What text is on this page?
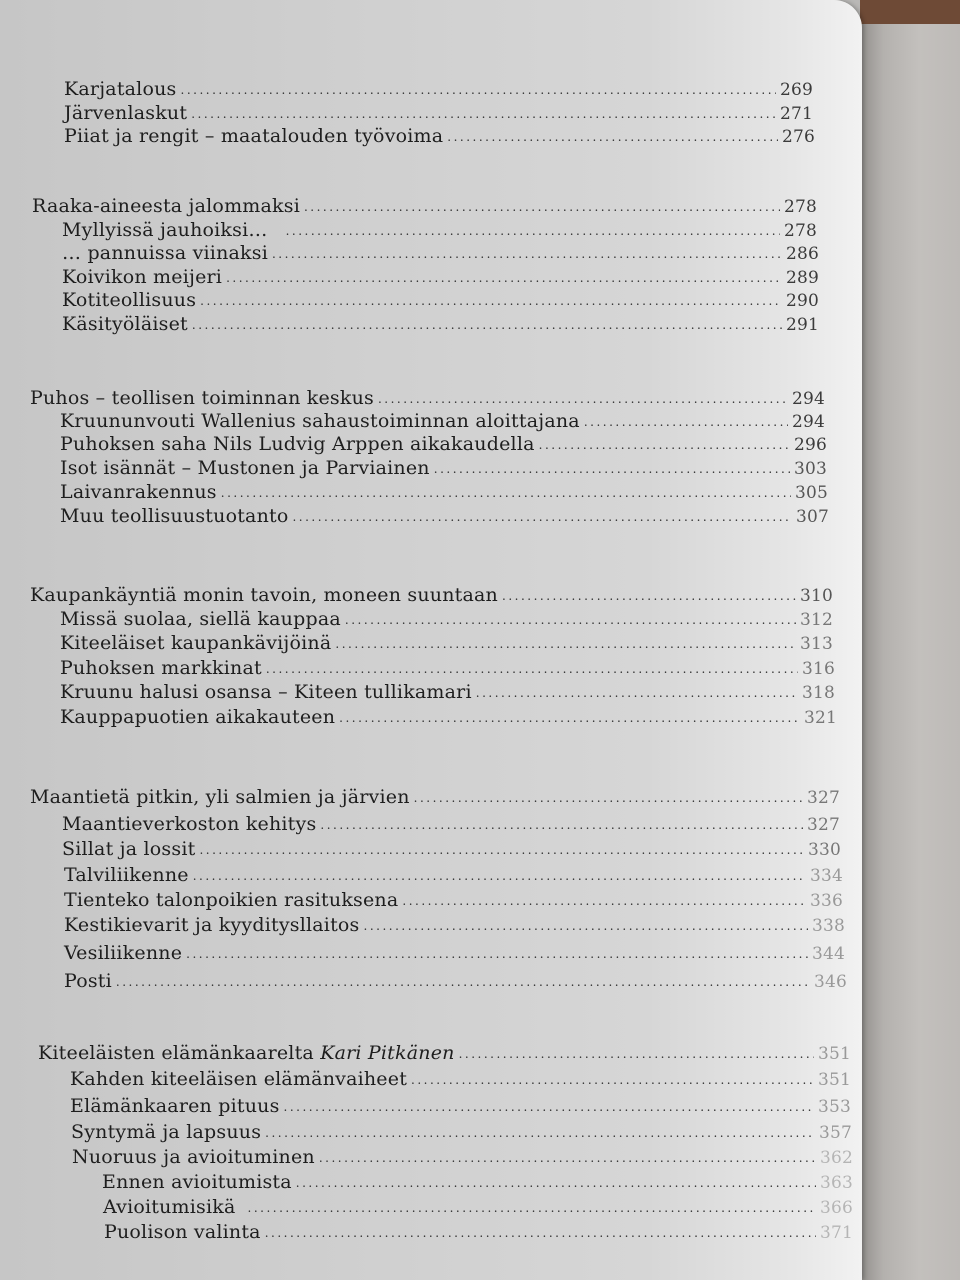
Karjatalous .....	269
Järvenlaskut .....	271
Piiat ja rengit – maatalouden työvoima .....	276
Raaka-aineesta jalommaksi .....	278
Myllyissä jauhoiksi… .....	278
… pannuissa viinaksi .....	286
Koivikon meijeri .....	289
Kotiteollisuus .....	290
Käsityöläiset .....	291
Puhos – teollisen toiminnan keskus .....	294
Kruununvouti Wallenius sahaustoiminnan aloittajana .....	294
Puhoksen saha Nils Ludvig Arppen aikakaudella .....	296
Isot isännät – Mustonen ja Parviainen .....	303
Laivanrakennus .....	305
Muu teollisuustuotanto .....	307
Kaupankäyntiä monin tavoin, moneen suuntaan .....	310
Missä suolaa, siellä kauppaa .....	312
Kiteeläiset kaupankävijöinä .....	313
Puhoksen markkinat .....	316
Kruunu halusi osansa – Kiteen tullikamari .....	318
Kauppapuotien aikakauteen .....	321
Maantietä pitkin, yli salmien ja järvien .....	327
Maantieverkoston kehitys .....	327
Sillat ja lossit .....	330
Talviliikenne .....	334
Tienteko talonpoikien rasituksena .....	336
Kestikievarit ja kyyditysllaitos .....	338
Vesiliikenne .....	344
Posti .....	346
Kiteeläisten elämänkaarelta Kari Pitkänen .....	351
Kahden kiteeläisen elämänvaiheet .....	351
Elämänkaaren pituus .....	353
Syntymä ja lapsuus .....	357
Nuoruus ja avioituminen .....	362
Ennen avioitumista .....	363
Avioitumisikä .....	366
Puolison valinta .....	371
